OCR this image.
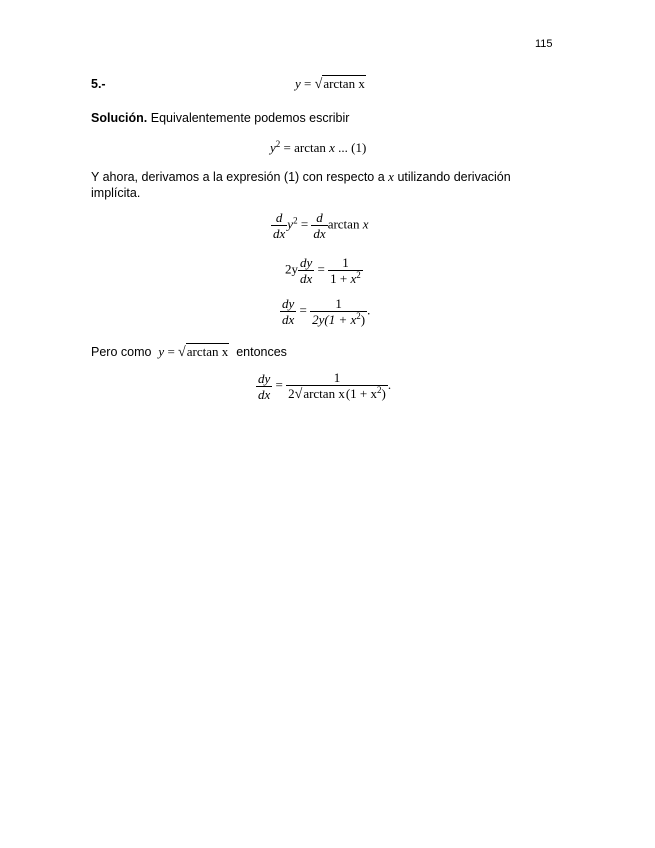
115
5.-	y = √arctan x
Solución. Equivalentemente podemos escribir
$y^2 = \arctan x$ ... (1)
Y ahora, derivamos a la expresión (1) con respecto a x utilizando derivación
implícita.
$\frac{d}{dx} y^2 = \frac{d}{dx}$ arctan x
$2y \frac{dy}{dx} = \frac{1}{1 + x^2}$
$\frac{dy}{dx} = \frac{1}{2y(1 + x^2)}$ .
Pero como y = √arctan x entonces
$\frac{dy}{dx} = \frac{1}{2√\arctan x(1 + x^2)}$ .
